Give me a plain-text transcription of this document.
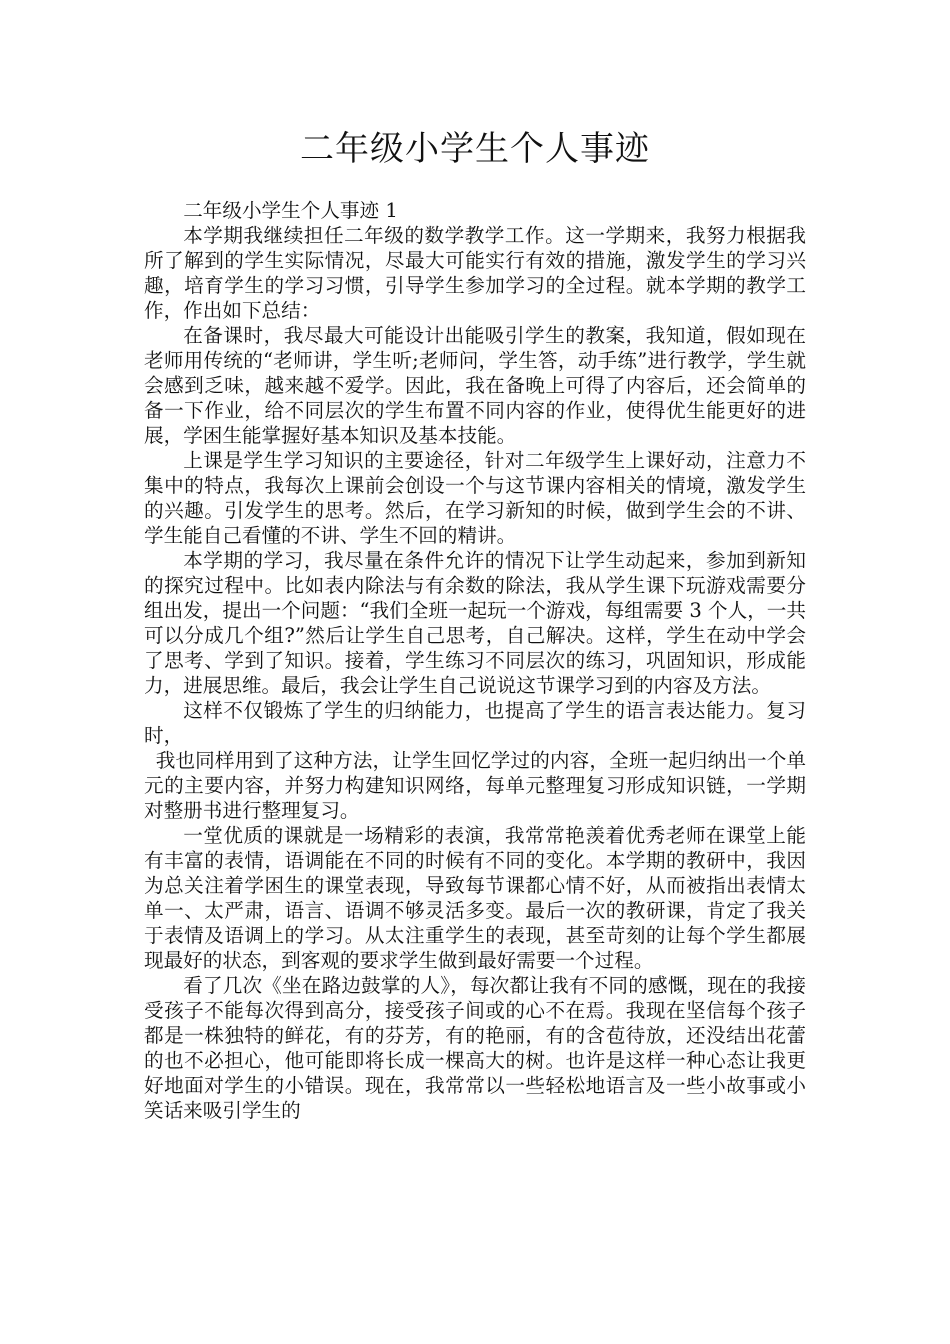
二年级小学生个人事迹

二年级小学生个人事迹 1

本学期我继续担任二年级的数学教学工作。这一学期来，我努力根据我所了解到的学生实际情况，尽最大可能实行有效的措施，激发学生的学习兴趣，培育学生的学习习惯，引导学生参加学习的全过程。就本学期的教学工作，作出如下总结：

在备课时，我尽最大可能设计出能吸引学生的教案，我知道，假如现在老师用传统的“老师讲，学生听;老师问，学生答，动手练”进行教学，学生就会感到乏味，越来越不爱学。因此，我在备晚上可得了内容后，还会简单的备一下作业，给不同层次的学生布置不同内容的作业，使得优生能更好的进展，学困生能掌握好基本知识及基本技能。

上课是学生学习知识的主要途径，针对二年级学生上课好动，注意力不集中的特点，我每次上课前会创设一个与这节课内容相关的情境，激发学生的兴趣。引发学生的思考。然后，在学习新知的时候，做到学生会的不讲、学生能自己看懂的不讲、学生不回的精讲。

本学期的学习，我尽量在条件允许的情况下让学生动起来，参加到新知的探究过程中。比如表内除法与有余数的除法，我从学生课下玩游戏需要分组出发，提出一个问题：“我们全班一起玩一个游戏，每组需要 3 个人，一共可以分成几个组?”然后让学生自己思考，自己解决。这样，学生在动中学会了思考、学到了知识。接着，学生练习不同层次的练习，巩固知识，形成能力，进展思维。最后，我会让学生自己说说这节课学习到的内容及方法。

这样不仅锻炼了学生的归纳能力，也提高了学生的语言表达能力。复习时，

我也同样用到了这种方法，让学生回忆学过的内容，全班一起归纳出一个单元的主要内容，并努力构建知识网络，每单元整理复习形成知识链，一学期对整册书进行整理复习。

一堂优质的课就是一场精彩的表演，我常常艳羡着优秀老师在课堂上能有丰富的表情，语调能在不同的时候有不同的变化。本学期的教研中，我因为总关注着学困生的课堂表现，导致每节课都心情不好，从而被指出表情太单一、太严肃，语言、语调不够灵活多变。最后一次的教研课，肯定了我关于表情及语调上的学习。从太注重学生的表现，甚至苛刻的让每个学生都展现最好的状态，到客观的要求学生做到最好需要一个过程。

看了几次《坐在路边鼓掌的人》，每次都让我有不同的感慨，现在的我接受孩子不能每次得到高分，接受孩子间或的心不在焉。我现在坚信每个孩子都是一株独特的鲜花，有的芬芳，有的艳丽，有的含苞待放，还没结出花蕾的也不必担心，他可能即将长成一棵高大的树。也许是这样一种心态让我更好地面对学生的小错误。现在，我常常以一些轻松地语言及一些小故事或小笑话来吸引学生的
